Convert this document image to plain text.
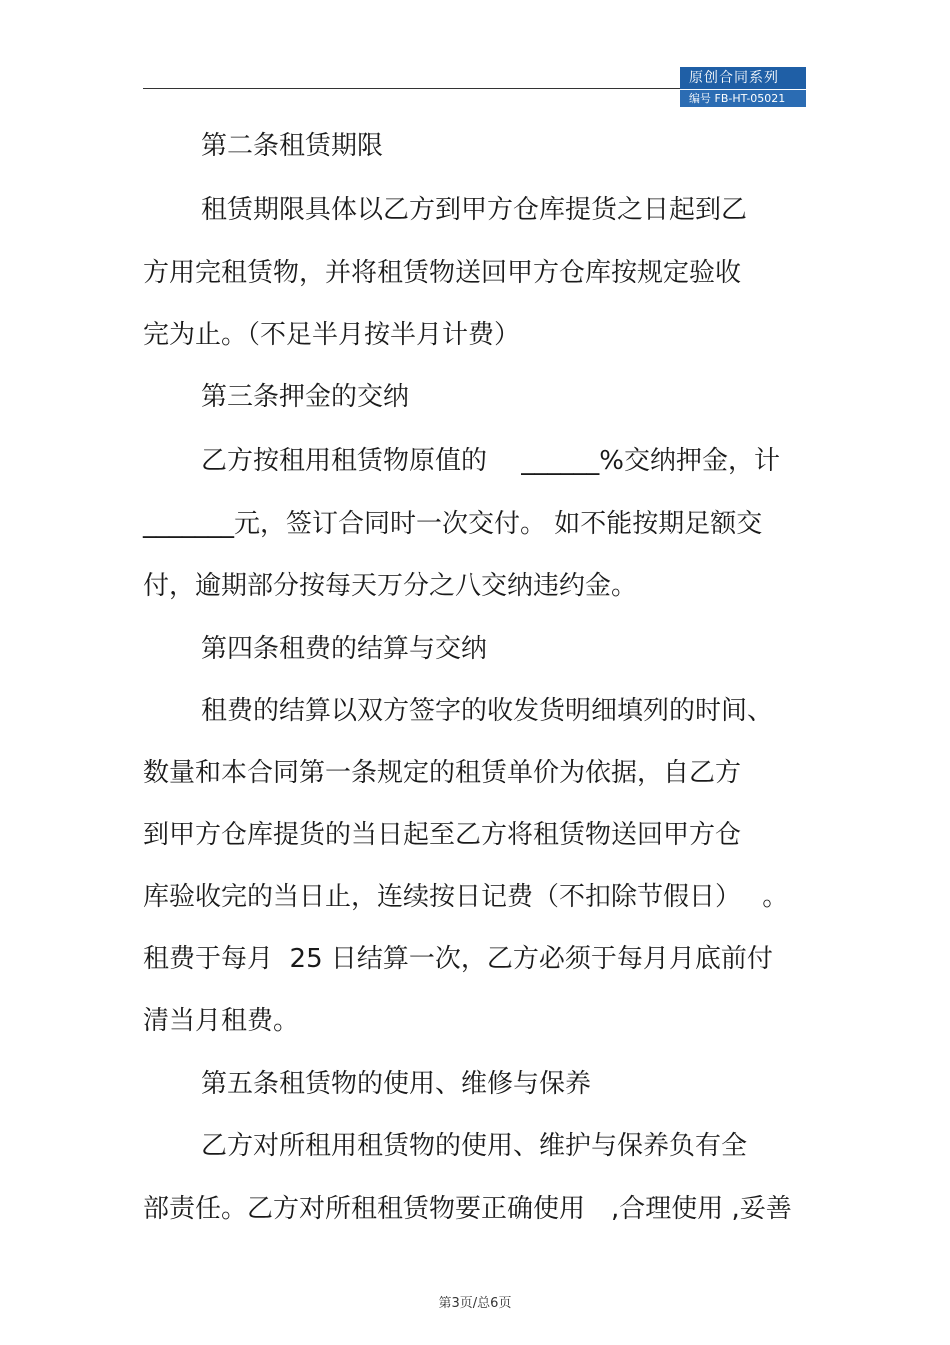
原创合同系列
编号 FB-HT-05021
第二条租赁期限
租赁期限具体以乙方到甲方仓库提货之日起到乙
方用完租赁物，并将租赁物送回甲方仓库按规定验收
完为止。（不足半月按半月计费）
第三条押金的交纳
乙方按租用租赁物原值的　 ______%交纳押金，计
_______元，签订合同时一次交付。 如不能按期足额交
付，逾期部分按每天万分之八交纳违约金。
第四条租费的结算与交纳
租费的结算以双方签字的收发货明细填列的时间、
数量和本合同第一条规定的租赁单价为依据，自乙方
到甲方仓库提货的当日起至乙方将租赁物送回甲方仓
库验收完的当日止，连续按日记费（不扣除节假日）　 。
租费于每月  25 日结算一次，乙方必须于每月月底前付
清当月租费。
第五条租赁物的使用、维修与保养
乙方对所租用租赁物的使用、维护与保养负有全
部责任。乙方对所租租赁物要正确使用　,合理使用 ,妥善
第3页/总6页
